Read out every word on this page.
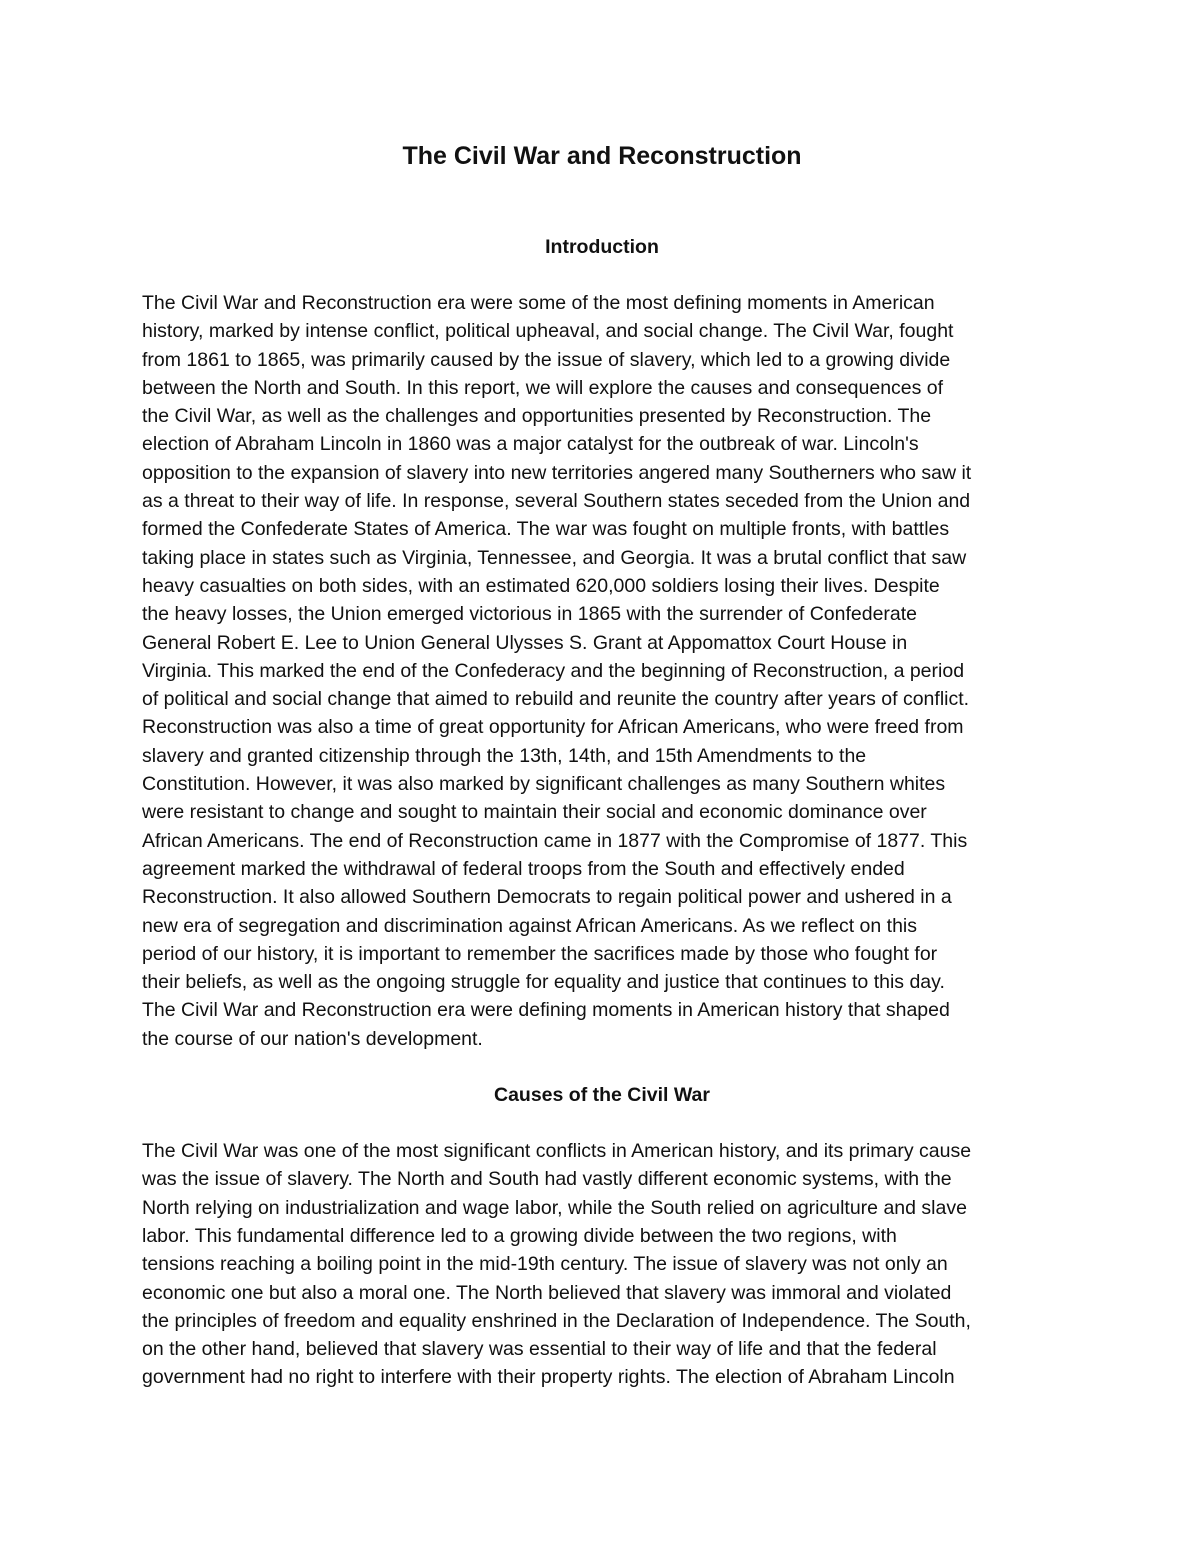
The Civil War and Reconstruction
Introduction

The Civil War and Reconstruction era were some of the most defining moments in American
history, marked by intense conflict, political upheaval, and social change. The Civil War, fought
from 1861 to 1865, was primarily caused by the issue of slavery, which led to a growing divide
between the North and South. In this report, we will explore the causes and consequences of
the Civil War, as well as the challenges and opportunities presented by Reconstruction. The
election of Abraham Lincoln in 1860 was a major catalyst for the outbreak of war. Lincoln's
opposition to the expansion of slavery into new territories angered many Southerners who saw it
as a threat to their way of life. In response, several Southern states seceded from the Union and
formed the Confederate States of America. The war was fought on multiple fronts, with battles
taking place in states such as Virginia, Tennessee, and Georgia. It was a brutal conflict that saw
heavy casualties on both sides, with an estimated 620,000 soldiers losing their lives. Despite
the heavy losses, the Union emerged victorious in 1865 with the surrender of Confederate
General Robert E. Lee to Union General Ulysses S. Grant at Appomattox Court House in
Virginia. This marked the end of the Confederacy and the beginning of Reconstruction, a period
of political and social change that aimed to rebuild and reunite the country after years of conflict.
Reconstruction was also a time of great opportunity for African Americans, who were freed from
slavery and granted citizenship through the 13th, 14th, and 15th Amendments to the
Constitution. However, it was also marked by significant challenges as many Southern whites
were resistant to change and sought to maintain their social and economic dominance over
African Americans. The end of Reconstruction came in 1877 with the Compromise of 1877. This
agreement marked the withdrawal of federal troops from the South and effectively ended
Reconstruction. It also allowed Southern Democrats to regain political power and ushered in a
new era of segregation and discrimination against African Americans. As we reflect on this
period of our history, it is important to remember the sacrifices made by those who fought for
their beliefs, as well as the ongoing struggle for equality and justice that continues to this day.
The Civil War and Reconstruction era were defining moments in American history that shaped
the course of our nation's development.

Causes of the Civil War

The Civil War was one of the most significant conflicts in American history, and its primary cause
was the issue of slavery. The North and South had vastly different economic systems, with the
North relying on industrialization and wage labor, while the South relied on agriculture and slave
labor. This fundamental difference led to a growing divide between the two regions, with
tensions reaching a boiling point in the mid-19th century. The issue of slavery was not only an
economic one but also a moral one. The North believed that slavery was immoral and violated
the principles of freedom and equality enshrined in the Declaration of Independence. The South,
on the other hand, believed that slavery was essential to their way of life and that the federal
government had no right to interfere with their property rights. The election of Abraham Lincoln
